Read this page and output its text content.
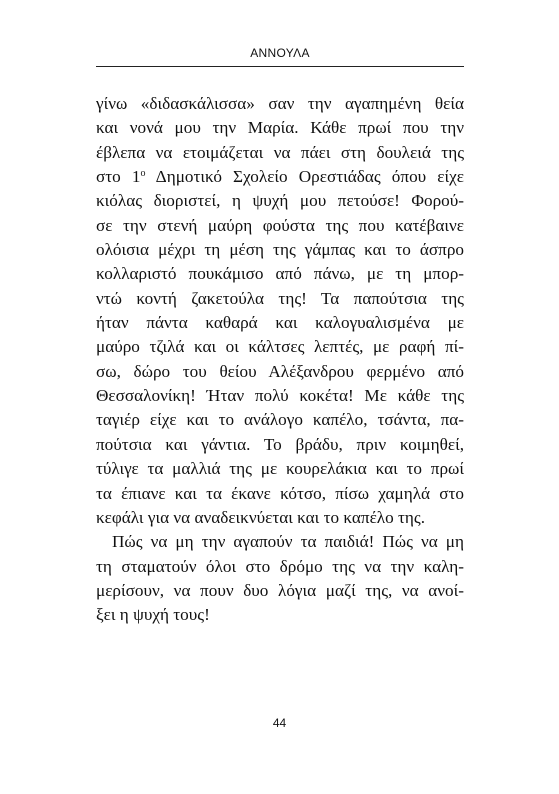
ΑΝΝΟΥΛΑ
γίνω «διδασκάλισσα» σαν την αγαπημένη θεία
και νονά μου την Μαρία. Κάθε πρωί που την
έβλεπα να ετοιμάζεται να πάει στη δουλειά της
στο $1^o$ Δημοτικό Σχολείο Ορεστιάδας όπου είχε
κιόλας διοριστεί, η ψυχή μου πετούσε! Φορού-
σε την στενή μαύρη φούστα της που κατέβαινε
ολόισια μέχρι τη μέση της γάμπας και το άσπρο
κολλαριστό πουκάμισο από πάνω, με τη μπορ-
ντώ κοντή ζακετούλα της! Τα παπούτσια της
ήταν πάντα καθαρά και καλογυαλισμένα με
μαύρο τζιλά και οι κάλτσες λεπτές, με ραφή πί-
σω, δώρο του θείου Αλέξανδρου φερμένο από
Θεσσαλονίκη! Ήταν πολύ κοκέτα! Με κάθε της
ταγιέρ είχε και το ανάλογο καπέλο, τσάντα, πα-
πούτσια και γάντια. Το βράδυ, πριν κοιμηθεί,
τύλιγε τα μαλλιά της με κουρελάκια και το πρωί
τα έπιανε και τα έκανε κότσο, πίσω χαμηλά στο
κεφάλι για να αναδεικνύεται και το καπέλο της.
Πώς να μη την αγαπούν τα παιδιά! Πώς να μη
τη σταματούν όλοι στο δρόμο της να την καλη-
μερίσουν, να πουν δυο λόγια μαζί της, να ανοί-
ξει η ψυχή τους!
44
